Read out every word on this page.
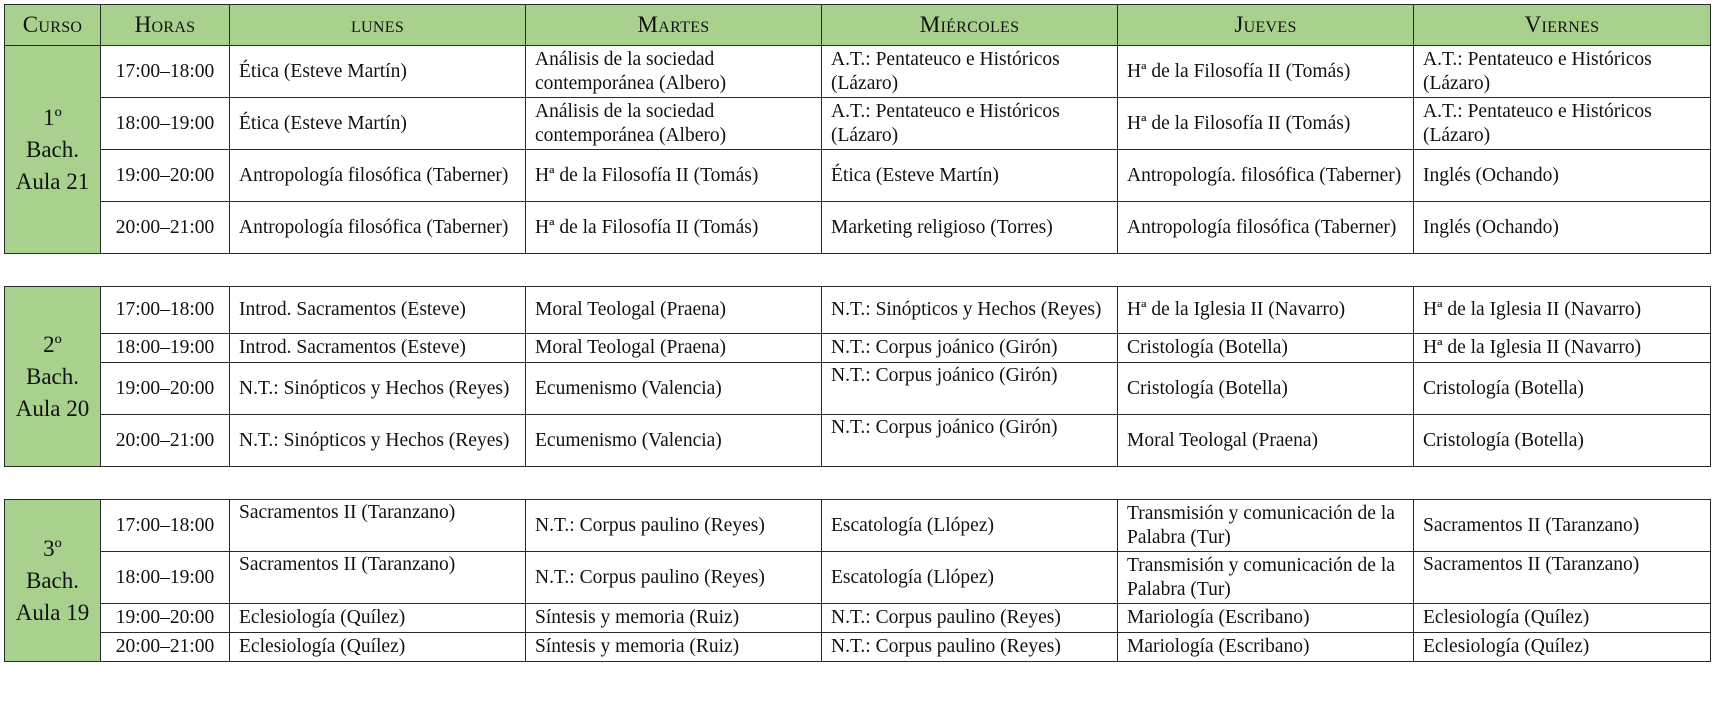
Curso	Horas	lunes	Martes	Miércoles	Jueves	Viernes

1º
Bach.
Aula 21	17:00–18:00	Ética (Esteve Martín)	Análisis de la sociedad contemporánea (Albero)	A.T.: Pentateuco e Históricos (Lázaro)	Hª de la Filosofía II (Tomás)	A.T.: Pentateuco e Históricos (Lázaro)
	18:00–19:00	Ética (Esteve Martín)	Análisis de la sociedad contemporánea (Albero)	A.T.: Pentateuco e Históricos (Lázaro)	Hª de la Filosofía II (Tomás)	A.T.: Pentateuco e Históricos (Lázaro)
	19:00–20:00	Antropología filosófica (Taberner)	Hª de la Filosofía II (Tomás)	Ética (Esteve Martín)	Antropología. filosófica (Taberner)	Inglés (Ochando)
	20:00–21:00	Antropología filosófica (Taberner)	Hª de la Filosofía II (Tomás)	Marketing religioso (Torres)	Antropología filosófica (Taberner)	Inglés (Ochando)

2º
Bach.
Aula 20	17:00–18:00	Introd. Sacramentos (Esteve)	Moral Teologal (Praena)	N.T.: Sinópticos y Hechos (Reyes)	Hª de la Iglesia II (Navarro)	Hª de la Iglesia II (Navarro)
	18:00–19:00	Introd. Sacramentos (Esteve)	Moral Teologal (Praena)	N.T.: Corpus joánico (Girón)	Cristología (Botella)	Hª de la Iglesia II (Navarro)
	19:00–20:00	N.T.: Sinópticos y Hechos (Reyes)	Ecumenismo (Valencia)	N.T.: Corpus joánico (Girón)	Cristología (Botella)	Cristología (Botella)
	20:00–21:00	N.T.: Sinópticos y Hechos (Reyes)	Ecumenismo (Valencia)	N.T.: Corpus joánico (Girón)	Moral Teologal (Praena)	Cristología (Botella)

3º
Bach.
Aula 19	17:00–18:00	Sacramentos II (Taranzano)	N.T.: Corpus paulino (Reyes)	Escatología (Llópez)	Transmisión y comunicación de la Palabra (Tur)	Sacramentos II (Taranzano)
	18:00–19:00	Sacramentos II (Taranzano)	N.T.: Corpus paulino (Reyes)	Escatología (Llópez)	Transmisión y comunicación de la Palabra (Tur)	Sacramentos II (Taranzano)
	19:00–20:00	Eclesiología (Quílez)	Síntesis y memoria (Ruiz)	N.T.: Corpus paulino (Reyes)	Mariología (Escribano)	Eclesiología (Quílez)
	20:00–21:00	Eclesiología (Quílez)	Síntesis y memoria (Ruiz)	N.T.: Corpus paulino (Reyes)	Mariología (Escribano)	Eclesiología (Quílez)
